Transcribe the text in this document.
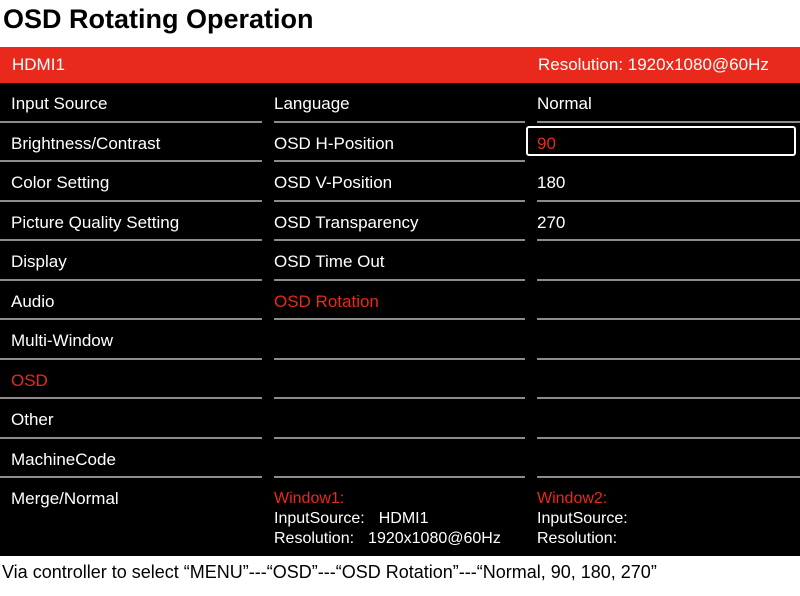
OSD Rotating Operation
HDMI1	Resolution: 1920x1080@60Hz
Input Source
Brightness/Contrast
Color Setting
Picture Quality Setting
Display
Audio
Multi-Window
OSD
Other
MachineCode
Merge/Normal
Language
OSD H-Position
OSD V-Position
OSD Transparency
OSD Time Out
OSD Rotation
Normal
90
180
270
Window1:
InputSource: HDMI1
Resolution: 1920x1080@60Hz
Window2:
InputSource:
Resolution:
Via controller to select “MENU”---“OSD”---“OSD Rotation”---“Normal, 90, 180, 270”
